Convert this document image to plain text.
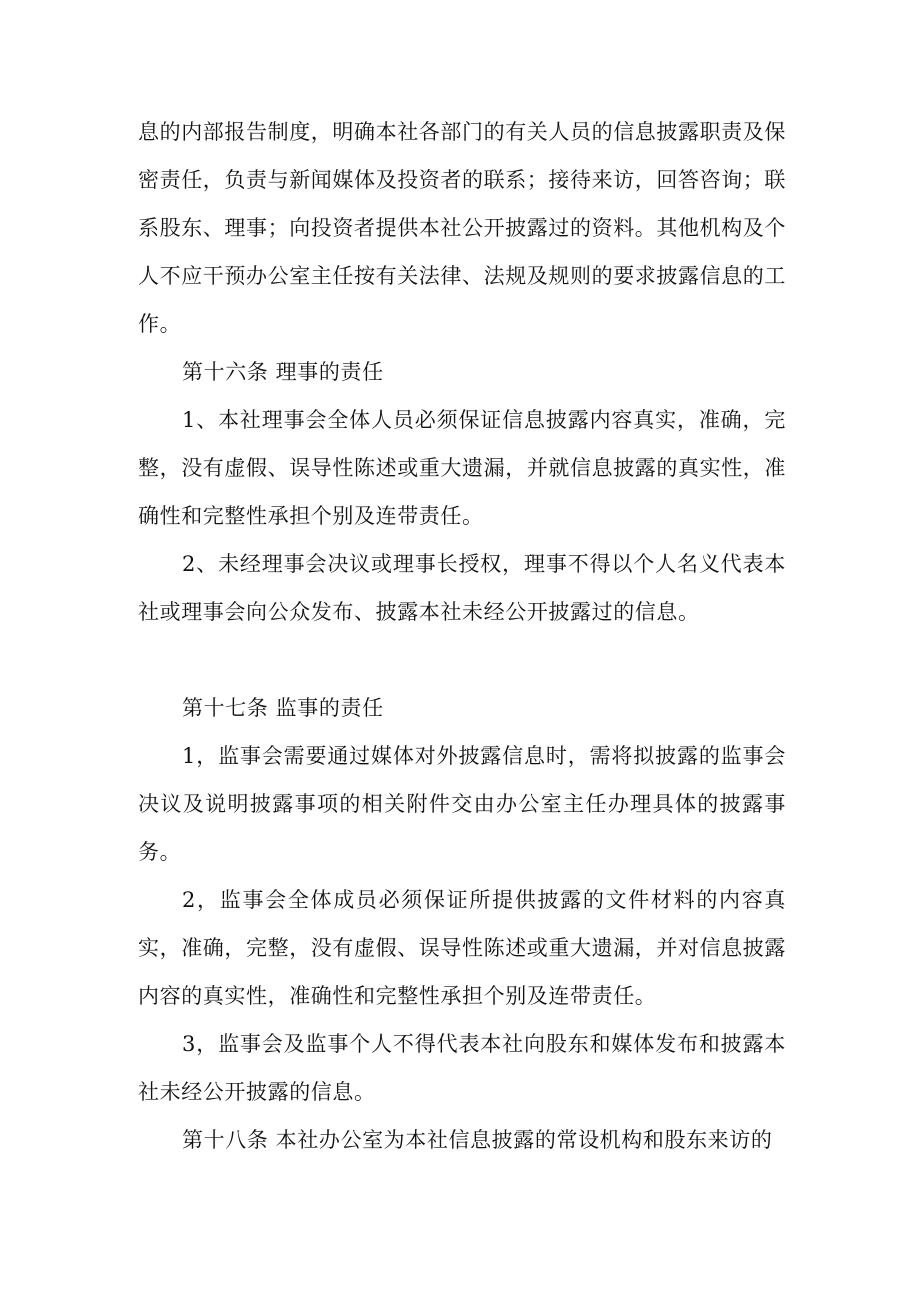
息的内部报告制度，明确本社各部门的有关人员的信息披露职责及保密责任，负责与新闻媒体及投资者的联系；接待来访，回答咨询；联系股东、理事；向投资者提供本社公开披露过的资料。其他机构及个人不应干预办公室主任按有关法律、法规及规则的要求披露信息的工作。

第十六条 理事的责任

1、本社理事会全体人员必须保证信息披露内容真实，准确，完整，没有虚假、误导性陈述或重大遗漏，并就信息披露的真实性，准确性和完整性承担个别及连带责任。

2、未经理事会决议或理事长授权，理事不得以个人名义代表本社或理事会向公众发布、披露本社未经公开披露过的信息。

第十七条 监事的责任

1，监事会需要通过媒体对外披露信息时，需将拟披露的监事会决议及说明披露事项的相关附件交由办公室主任办理具体的披露事务。

2，监事会全体成员必须保证所提供披露的文件材料的内容真实，准确，完整，没有虚假、误导性陈述或重大遗漏，并对信息披露内容的真实性，准确性和完整性承担个别及连带责任。

3，监事会及监事个人不得代表本社向股东和媒体发布和披露本社未经公开披露的信息。

第十八条 本社办公室为本社信息披露的常设机构和股东来访的
